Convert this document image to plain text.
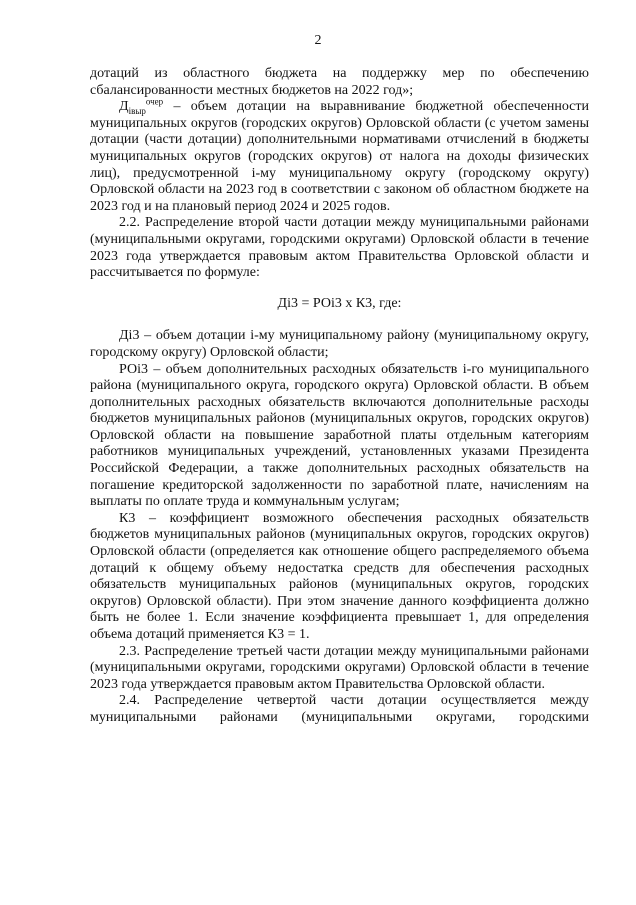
2

дотаций из областного бюджета на поддержку мер по обеспечению сбалансированности местных бюджетов на 2022 год»;

$Д_{iвыр}^{очер}$ – объем дотации на выравнивание бюджетной обеспеченности муниципальных округов (городских округов) Орловской области (с учетом замены дотации (части дотации) дополнительными нормативами отчислений в бюджеты муниципальных округов (городских округов) от налога на доходы физических лиц), предусмотренной i-му муниципальному округу (городскому округу) Орловской области на 2023 год в соответствии с законом об областном бюджете на 2023 год и на плановый период 2024 и 2025 годов.

2.2. Распределение второй части дотации между муниципальными районами (муниципальными округами, городскими округами) Орловской области в течение 2023 года утверждается правовым актом Правительства Орловской области и рассчитывается по формуле:

Дi3 = РОi3 х К3, где:

Дi3 – объем дотации i-му муниципальному району (муниципальному округу, городскому округу) Орловской области;

РОi3 – объем дополнительных расходных обязательств i-го муниципального района (муниципального округа, городского округа) Орловской области. В объем дополнительных расходных обязательств включаются дополнительные расходы бюджетов муниципальных районов (муниципальных округов, городских округов) Орловской области на повышение заработной платы отдельным категориям работников муниципальных учреждений, установленных указами Президента Российской Федерации, а также дополнительных расходных обязательств на погашение кредиторской задолженности по заработной плате, начислениям на выплаты по оплате труда и коммунальным услугам;

К3 – коэффициент возможного обеспечения расходных обязательств бюджетов муниципальных районов (муниципальных округов, городских округов) Орловской области (определяется как отношение общего распределяемого объема дотаций к общему объему недостатка средств для обеспечения расходных обязательств муниципальных районов (муниципальных округов, городских округов) Орловской области). При этом значение данного коэффициента должно быть не более 1. Если значение коэффициента превышает 1, для определения объема дотаций применяется К3 = 1.

2.3. Распределение третьей части дотации между муниципальными районами (муниципальными округами, городскими округами) Орловской области в течение 2023 года утверждается правовым актом Правительства Орловской области.

2.4. Распределение четвертой части дотации осуществляется между муниципальными районами (муниципальными округами, городскими
